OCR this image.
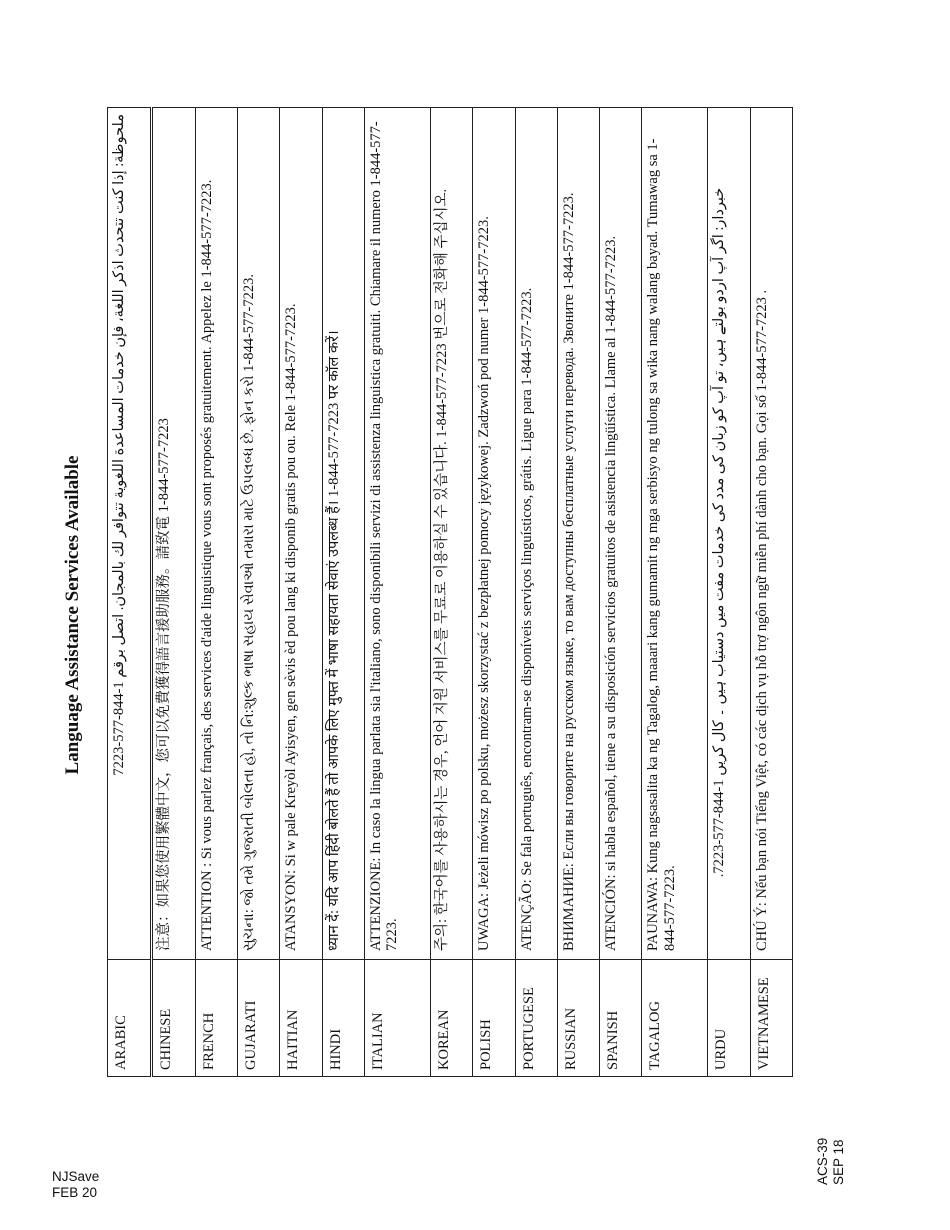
Language Assistance Services Available
ARABIC	ملحوظة: إذا كنت تتحدث اذكر اللغة، فإن خدمات المساعدة اللغوية تتوافر لك بالمجان. اتصل برقم 1-844-577-7223
CHINESE	注意：如果您使用繁體中文，您可以免費獲得語言援助服務。請致電 1-844-577-7223
FRENCH	ATTENTION : Si vous parlez français, des services d'aide linguistique vous sont proposés gratuitement. Appelez le 1-844-577-7223.
GUJARATI	સુચના: જો તમે ગુજરાતી બોલતા હો, તો નિ:શુલ્ક ભાષા સહાય સેવાઓ તમારા માટે ઉપલબ્ધ છે. ફોન કરો 1-844-577-7223.
HAITIAN	ATANSYON: Si w pale Kreyòl Ayisyen, gen sèvis èd pou lang ki disponib gratis pou ou. Rele 1-844-577-7223.
HINDI	ध्यान दें: यदि आप हिंदी बोलते हैं तो आपके लिए मुफ्त में भाषा सहायता सेवाएं उपलब्ध हैं। 1-844-577-7223 पर कॉल करें।
ITALIAN	ATTENZIONE: In caso la lingua parlata sia l'italiano, sono disponibili servizi di assistenza linguistica gratuiti. Chiamare il numero 1-844-577-7223.
KOREAN	주의: 한국어를 사용하시는 경우, 언어 지원 서비스를 무료로 이용하실 수 있습니다. 1-844-577-7223 번으로 전화해 주십시오.
POLISH	UWAGA: Jeżeli mówisz po polsku, możesz skorzystać z bezpłatnej pomocy językowej. Zadzwoń pod numer 1-844-577-7223.
PORTUGESE	ATENÇÃO: Se fala português, encontram-se disponíveis serviços linguísticos, grátis. Ligue para 1-844-577-7223.
RUSSIAN	ВНИМАНИЕ: Если вы говорите на русском языке, то вам доступны бесплатные услуги перевода. Звоните 1-844-577-7223.
SPANISH	ATENCIÓN: si habla español, tiene a su disposición servicios gratuitos de asistencia lingüística. Llame al 1-844-577-7223.
TAGALOG	PAUNAWA: Kung nagsasalita ka ng Tagalog, maaari kang gumamit ng mga serbisyo ng tulong sa wika nang walang bayad. Tumawag sa 1-844-577-7223.
URDU	خبردار: اگر آپ اردو بولتے ہیں، تو آپ کو زبان کی مدد کی خدمات مفت میں دستیاب ہیں ۔ کال کریں 1-844-577-7223.
VIETNAMESE	CHÚ Ý: Nếu bạn nói Tiếng Việt, có các dịch vụ hỗ trợ ngôn ngữ miễn phí dành cho bạn. Gọi số 1-844-577-7223 .
NJSave
FEB 20
ACS-39 SEP 18
